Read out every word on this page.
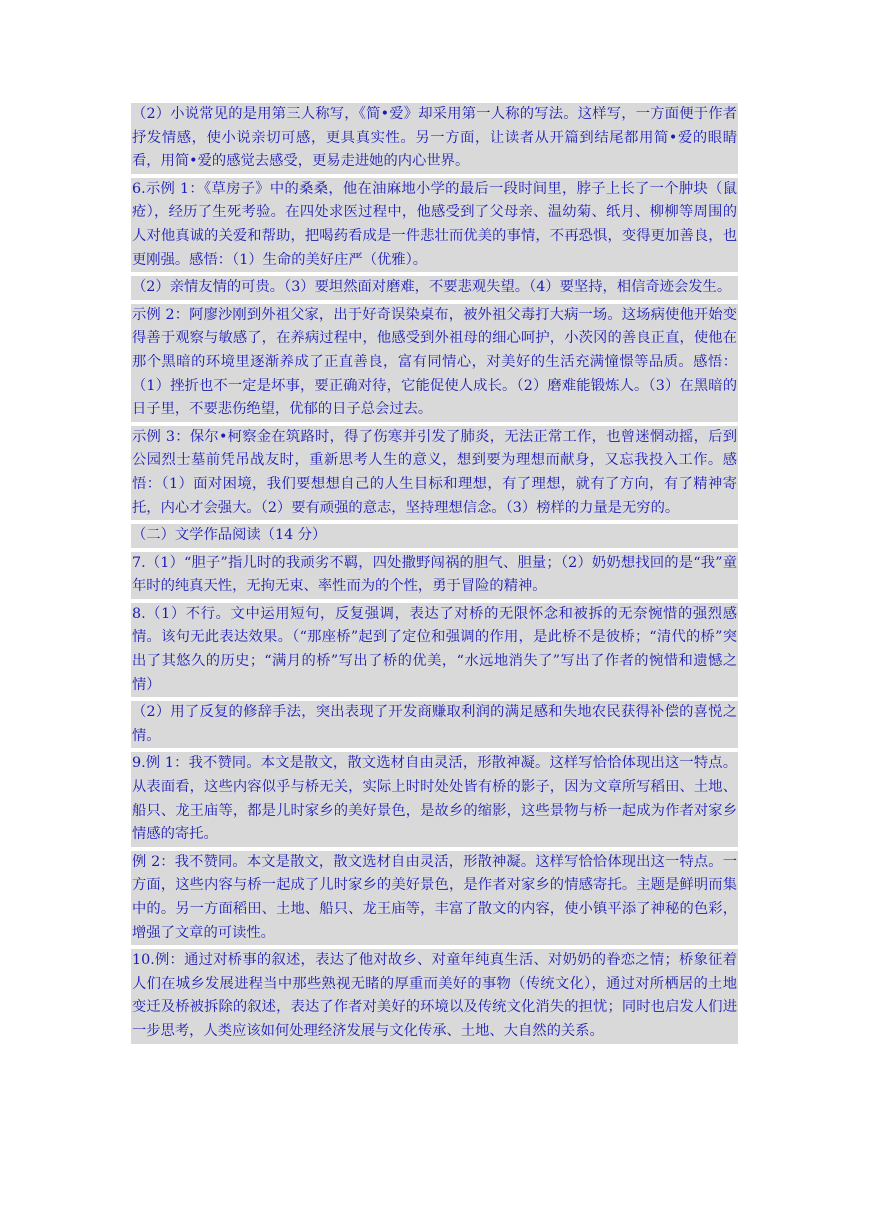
（2）小说常见的是用第三人称写，《简•爱》却采用第一人称的写法。这样写，一方面便于作者抒发情感，使小说亲切可感，更具真实性。另一方面，让读者从开篇到结尾都用简•爱的眼睛看，用简•爱的感觉去感受，更易走进她的内心世界。

6.示例 1：《草房子》中的桑桑，他在油麻地小学的最后一段时间里，脖子上长了一个肿块（鼠疮），经历了生死考验。在四处求医过程中，他感受到了父母亲、温幼菊、纸月、柳柳等周围的人对他真诚的关爱和帮助，把喝药看成是一件悲壮而优美的事情，不再恐惧，变得更加善良，也更刚强。感悟：（1）生命的美好庄严（优雅）。

（2）亲情友情的可贵。（3）要坦然面对磨难，不要悲观失望。（4）要坚持，相信奇迹会发生。

示例 2：阿廖沙刚到外祖父家，出于好奇误染桌布，被外祖父毒打大病一场。这场病使他开始变得善于观察与敏感了，在养病过程中，他感受到外祖母的细心呵护，小茨冈的善良正直，使他在那个黑暗的环境里逐渐养成了正直善良，富有同情心，对美好的生活充满憧憬等品质。感悟：（1）挫折也不一定是坏事，要正确对待，它能促使人成长。（2）磨难能锻炼人。（3）在黑暗的日子里，不要悲伤绝望，优郁的日子总会过去。

示例 3：保尔•柯察金在筑路时，得了伤寒并引发了肺炎，无法正常工作，也曾迷惘动摇，后到公园烈士墓前凭吊战友时，重新思考人生的意义，想到要为理想而献身，又忘我投入工作。感悟：（1）面对困境，我们要想想自己的人生目标和理想，有了理想，就有了方向，有了精神寄托，内心才会强大。（2）要有顽强的意志，坚持理想信念。（3）榜样的力量是无穷的。

（二）文学作品阅读（14 分）

7.（1）“胆子”指儿时的我顽劣不羁，四处撒野闯祸的胆气、胆量；（2）奶奶想找回的是“我”童年时的纯真天性，无拘无束、率性而为的个性，勇于冒险的精神。

8.（1）不行。文中运用短句，反复强调，表达了对桥的无限怀念和被拆的无奈惋惜的强烈感情。该句无此表达效果。（“那座桥”起到了定位和强调的作用，是此桥不是彼桥；“清代的桥”突出了其悠久的历史；“满月的桥”写出了桥的优美，“水远地消失了”写出了作者的惋惜和遗憾之情）

（2）用了反复的修辞手法，突出表现了开发商赚取利润的满足感和失地农民获得补偿的喜悦之情。

9.例 1：我不赞同。本文是散文，散文选材自由灵活，形散神凝。这样写恰恰体现出这一特点。从表面看，这些内容似乎与桥无关，实际上时时处处皆有桥的影子，因为文章所写稻田、土地、船只、龙王庙等，都是儿时家乡的美好景色，是故乡的缩影，这些景物与桥一起成为作者对家乡情感的寄托。

例 2：我不赞同。本文是散文，散文选材自由灵活，形散神凝。这样写恰恰体现出这一特点。一方面，这些内容与桥一起成了儿时家乡的美好景色，是作者对家乡的情感寄托。主题是鲜明而集中的。另一方面稻田、土地、船只、龙王庙等，丰富了散文的内容，使小镇平添了神秘的色彩，增强了文章的可读性。

10.例：通过对桥事的叙述，表达了他对故乡、对童年纯真生活、对奶奶的眷恋之情；桥象征着人们在城乡发展进程当中那些熟视无睹的厚重而美好的事物（传统文化），通过对所栖居的土地变迁及桥被拆除的叙述，表达了作者对美好的环境以及传统文化消失的担忧；同时也启发人们进一步思考，人类应该如何处理经济发展与文化传承、土地、大自然的关系。
